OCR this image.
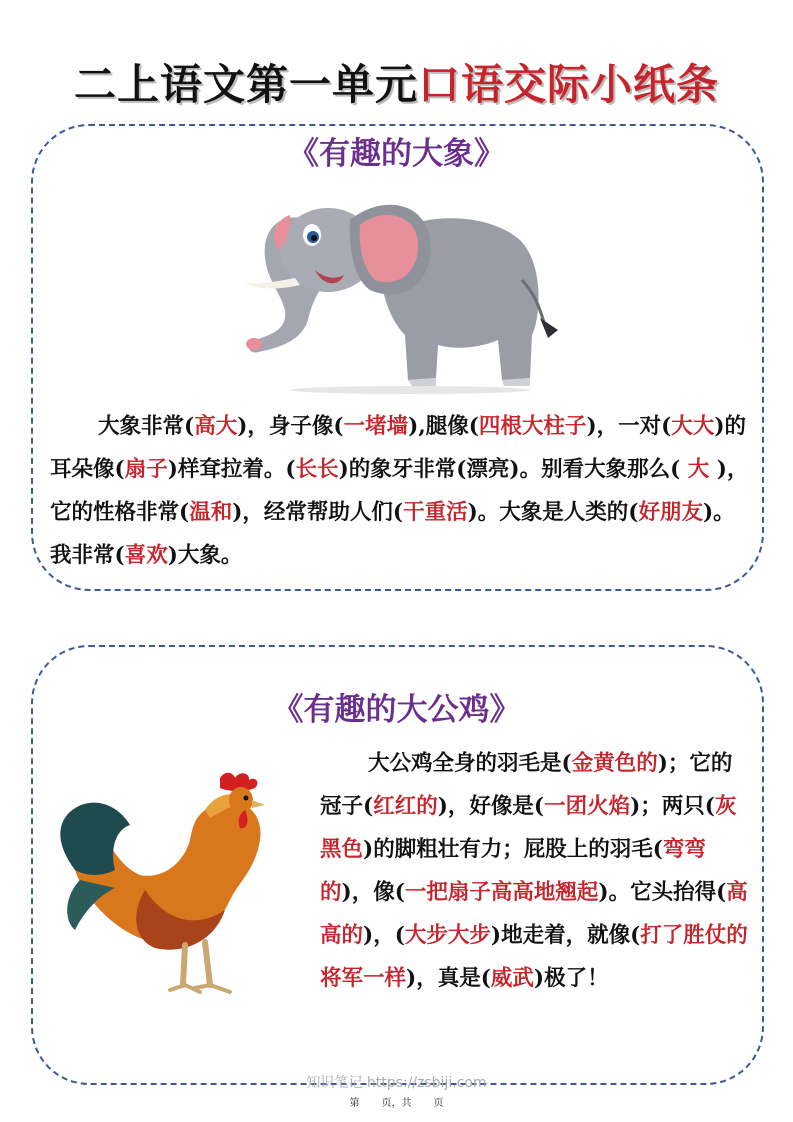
二上语文第一单元口语交际小纸条
《有趣的大象》
大象非常(高大)，身子像(一堵墙),腿像(四根大柱子)，一对(大大)的耳朵像(扇子)样耷拉着。(长长)的象牙非常(漂亮)。别看大象那么( 大 )，它的性格非常(温和)，经常帮助人们(干重活)。大象是人类的(好朋友)。我非常(喜欢)大象。
《有趣的大公鸡》
大公鸡全身的羽毛是(金黄色的)；它的冠子(红红的)，好像是(一团火焰)；两只(灰黑色)的脚粗壮有力；屁股上的羽毛(弯弯的)，像(一把扇子高高地翘起)。它头抬得(高高的)，(大步大步)地走着，就像(打了胜仗的将军一样)，真是(威武)极了！
知识笔记 https://zsbiji.com
第 页，共 页
